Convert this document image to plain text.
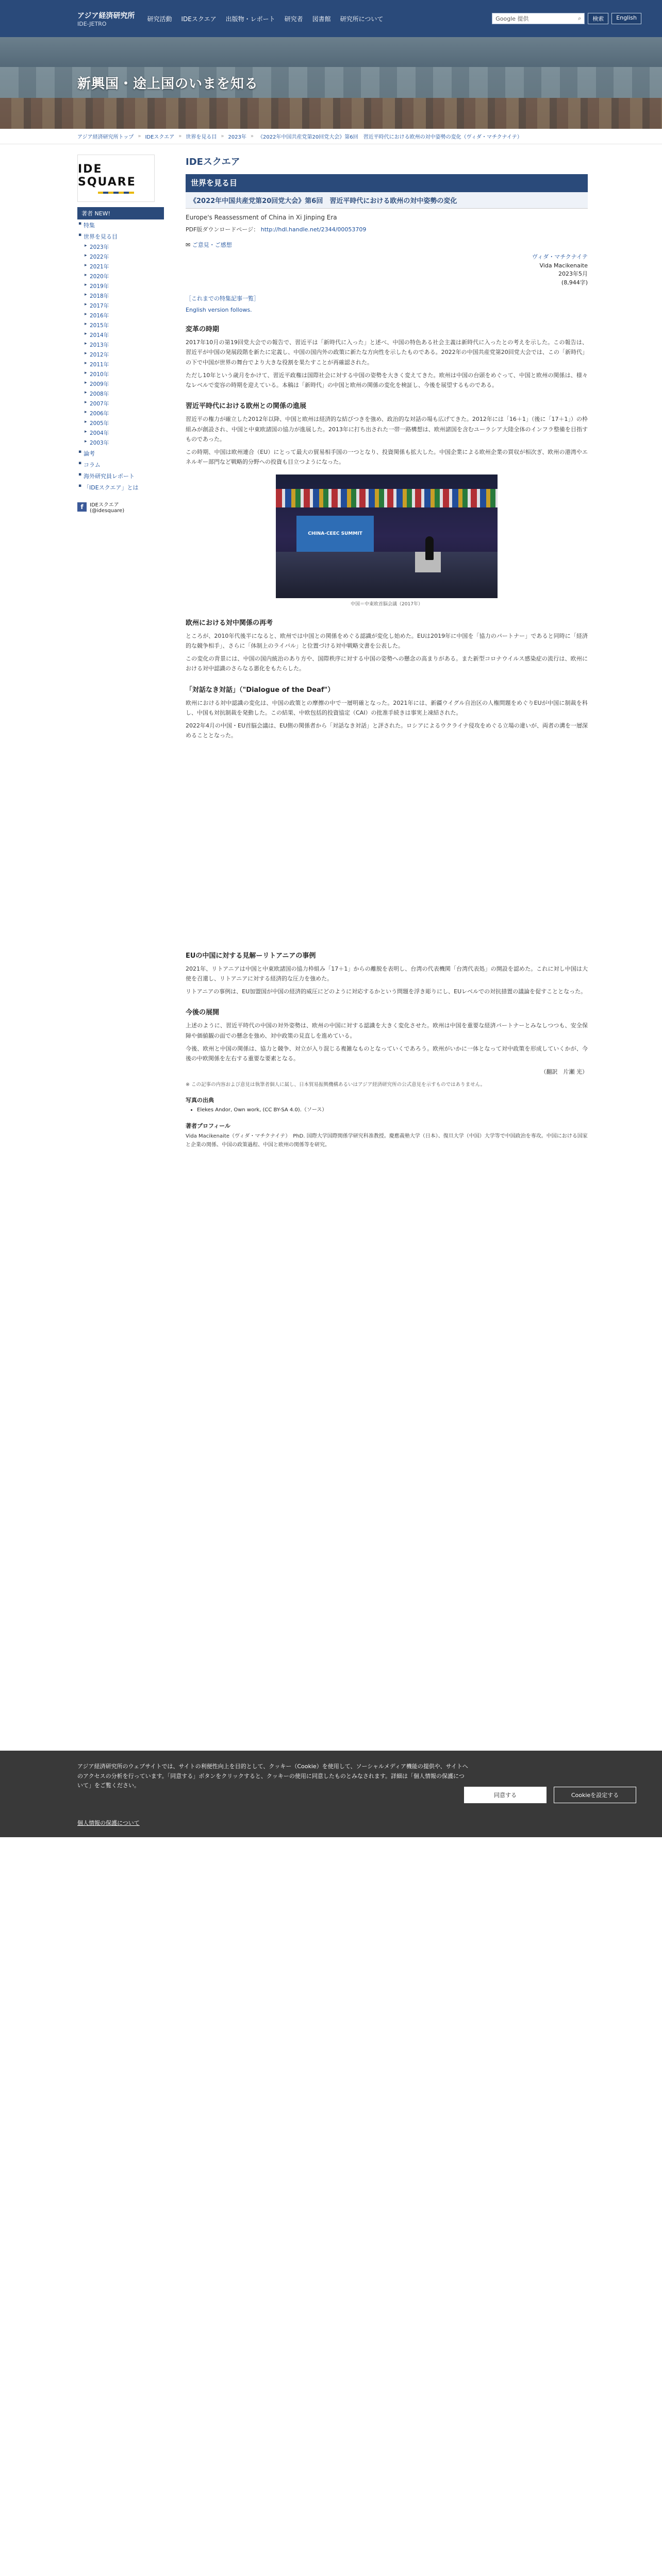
アジア経済研究所
IDE-JETRO
研究活動 IDEスクエア 出版物・レポート 研究者 図書館 研究所について	Google 提供	⌕	検索	English
新興国・途上国のいまを知る
アジア経済研究所トップ » IDEスクエア » 世界を見る目 » 2023年 » 《2022年中国共産党第20回党大会》第6回　習近平時代における欧州の対中姿勢の変化（ヴィダ・マチクナイテ）
IDE SQUARE
著者 NEW!
▪ 特集
▪ 世界を見る目
▸ 2023年
▸ 2022年
▸ 2021年
▸ 2020年
▸ 2019年
▸ 2018年
▸ 2017年
▸ 2016年
▸ 2015年
▸ 2014年
▸ 2013年
▸ 2012年
▸ 2011年
▸ 2010年
▸ 2009年
▸ 2008年
▸ 2007年
▸ 2006年
▸ 2005年
▸ 2004年
▸ 2003年
▪ 論考
▪ コラム
▪ 海外研究員レポート
▪ 「IDEスクエア」とは
f	IDEスクエア
(@idesquare)
IDEスクエア
世界を見る目
《2022年中国共産党第20回党大会》第6回　習近平時代における欧州の対中姿勢の変化
Europe's Reassessment of China in Xi Jinping Era
PDF版ダウンロードページ： http://hdl.handle.net/2344/00053709
✉ ご意見・ご感想
ヴィダ・マチクナイテ
Vida Macikenaite
2023年5月
(8,944字)
［これまでの特集記事一覧］
English version follows.
変革の時期

2017年10月の第19回党大会での報告で、習近平は「新時代に入った」と述べ、中国の特色ある社会主義は新時代に入ったとの考えを示した。この報告は、習近平が中国の発展段階を新たに定義し、中国の国内外の政策に新たな方向性を示したものである。2022年の中国共産党第20回党大会では、この「新時代」の下で中国が世界の舞台でより大きな役割を果たすことが再確認された。

ただし10年という歳月をかけて、習近平政権は国際社会に対する中国の姿勢を大きく変えてきた。欧州は中国の台頭をめぐって、中国と欧州の関係は、様々なレベルで変容の時期を迎えている。本稿は「新時代」の中国と欧州の関係の変化を検証し、今後を展望するものである。

習近平時代における欧州との関係の進展

習近平の権力が確立した2012年以降、中国と欧州は経済的な結びつきを強め、政治的な対話の場も広げてきた。2012年には「16＋1」（後に「17＋1」）の枠組みが創設され、中国と中東欧諸国の協力が進展した。2013年に打ち出された一帯一路構想は、欧州諸国を含むユーラシア大陸全体のインフラ整備を目指すものであった。

この時期、中国は欧州連合（EU）にとって最大の貿易相手国の一つとなり、投資関係も拡大した。中国企業による欧州企業の買収が相次ぎ、欧州の港湾やエネルギー部門など戦略的分野への投資も目立つようになった。

CHINA-CEEC SUMMIT
中国＝中東欧首脳会議（2017年）
欧州における対中関係の再考

ところが、2010年代後半になると、欧州では中国との関係をめぐる認識が変化し始めた。EUは2019年に中国を「協力のパートナー」であると同時に「経済的な競争相手」、さらに「体制上のライバル」と位置づける対中戦略文書を公表した。

この変化の背景には、中国の国内統治のあり方や、国際秩序に対する中国の姿勢への懸念の高まりがある。また新型コロナウイルス感染症の流行は、欧州における対中認識のさらなる悪化をもたらした。

「対話なき対話」（"Dialogue of the Deaf"）

欧州における対中認識の変化は、中国の政策との摩擦の中で一層明確となった。2021年には、新疆ウイグル自治区の人権問題をめぐりEUが中国に制裁を科し、中国も対抗制裁を発動した。この結果、中欧包括的投資協定（CAI）の批准手続きは事実上凍結された。

2022年4月の中国・EU首脳会議は、EU側の関係者から「対話なき対話」と評された。ロシアによるウクライナ侵攻をめぐる立場の違いが、両者の溝を一層深めることとなった。

EUの中国に対する見解ーリトアニアの事例

2021年、リトアニアは中国と中東欧諸国の協力枠組み「17＋1」からの離脱を表明し、台湾の代表機関「台湾代表処」の開設を認めた。これに対し中国は大使を召還し、リトアニアに対する経済的な圧力を強めた。

リトアニアの事例は、EU加盟国が中国の経済的威圧にどのように対応するかという問題を浮き彫りにし、EUレベルでの対抗措置の議論を促すこととなった。

今後の展開

上述のように、習近平時代の中国の対外姿勢は、欧州の中国に対する認識を大きく変化させた。欧州は中国を重要な経済パートナーとみなしつつも、安全保障や価値観の面での懸念を強め、対中政策の見直しを進めている。

今後、欧州と中国の関係は、協力と競争、対立が入り混じる複雑なものとなっていくであろう。欧州がいかに一体となって対中政策を形成していくかが、今後の中欧関係を左右する重要な要素となる。

（翻訳　片瀬 光）
※ この記事の内容および意見は執筆者個人に属し、日本貿易振興機構あるいはアジア経済研究所の公式意見を示すものではありません。
写真の出典
• Elekes Andor, Own work, (CC BY-SA 4.0).（ソース）
著者プロフィール
Vida Macikenaite（ヴィダ・マチクナイテ）　PhD. 国際大学国際関係学研究科准教授。慶應義塾大学（日本）、復旦大学（中国）大学等で中国政治を専攻。中国における国家と企業の関係、中国の政策過程、中国と欧州の関係等を研究。
アジア経済研究所のウェブサイトでは、サイトの利便性向上を目的として、クッキー（Cookie）を使用して、ソーシャルメディア機能の提供や、サイトへのアクセスの分析を行っています。「同意する」ボタンをクリックすると、クッキーの使用に同意したものとみなされます。詳細は「個人情報の保護について」をご覧ください。
同意する	Cookieを設定する
個人情報の保護について
